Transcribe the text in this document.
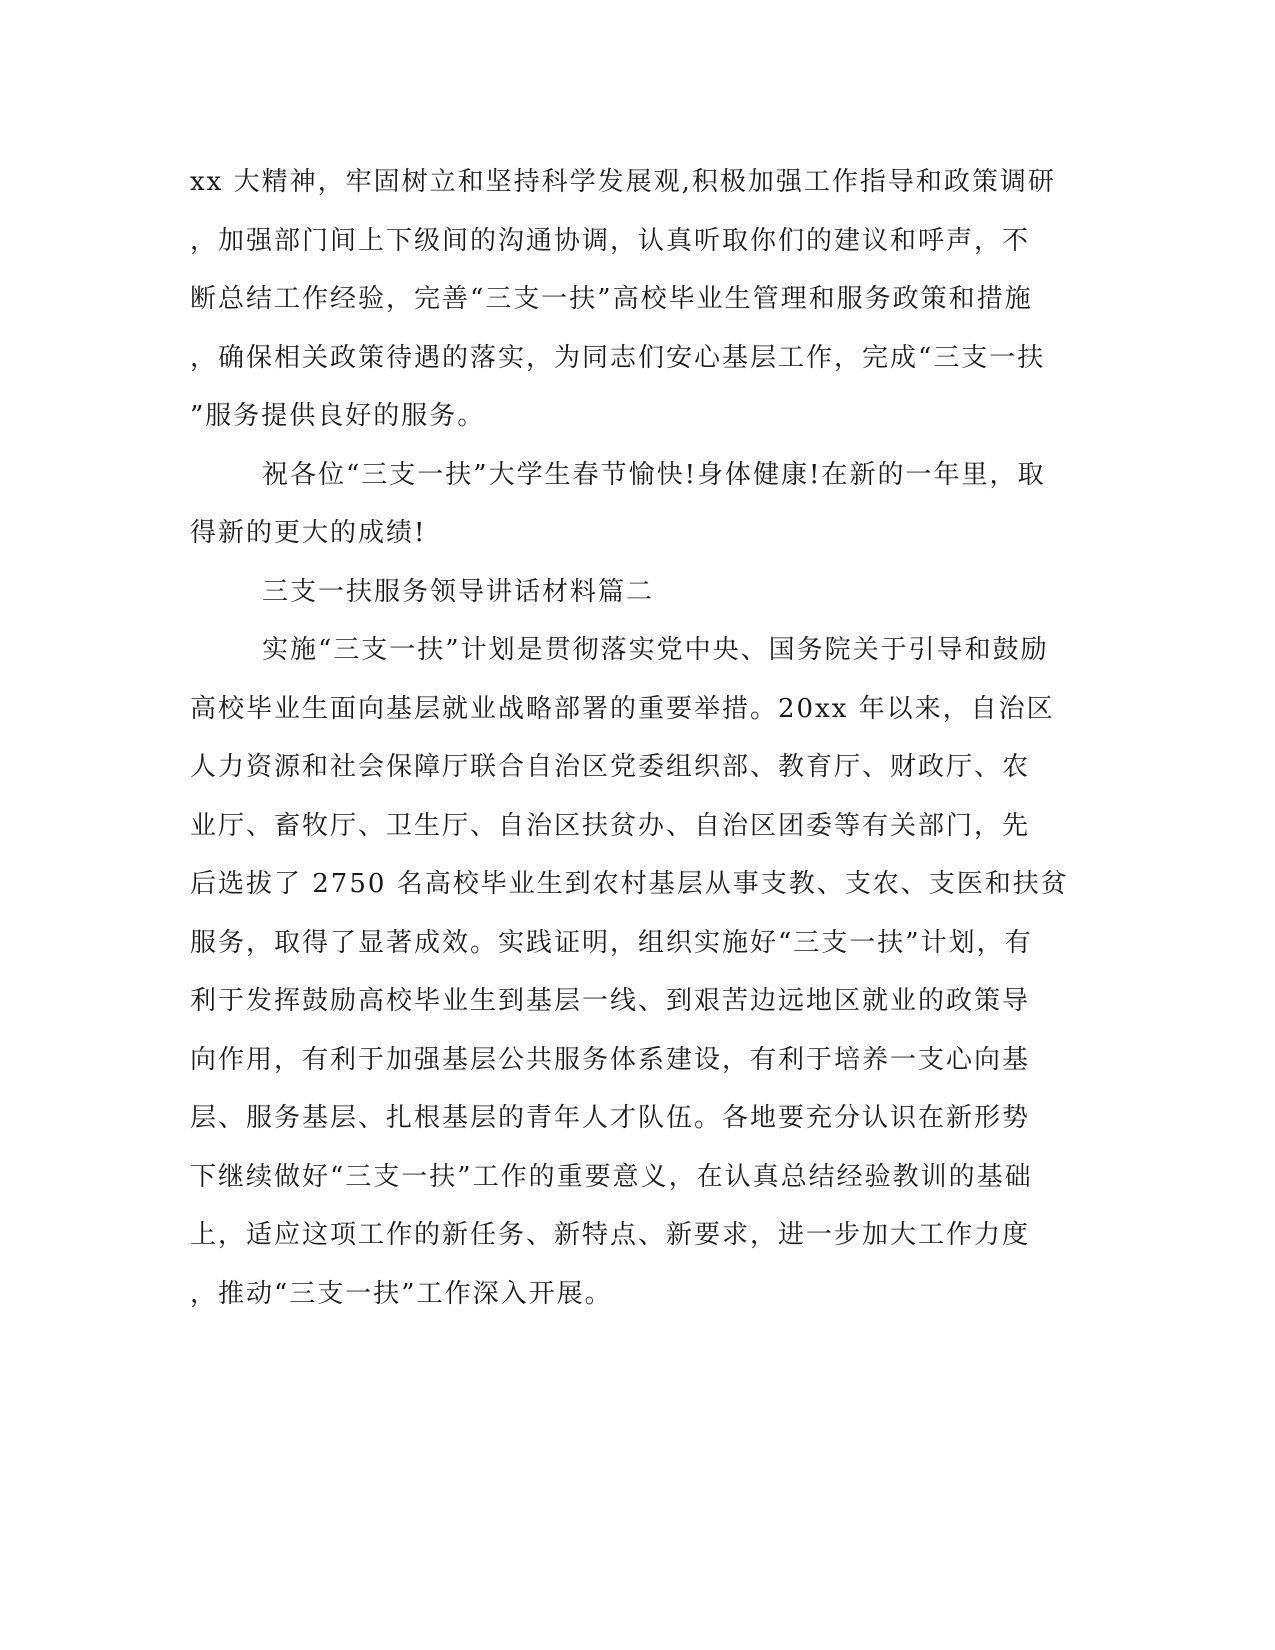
xx 大精神，牢固树立和坚持科学发展观,积极加强工作指导和政策调研
，加强部门间上下级间的沟通协调，认真听取你们的建议和呼声，不
断总结工作经验，完善“三支一扶”高校毕业生管理和服务政策和措施
，确保相关政策待遇的落实，为同志们安心基层工作，完成“三支一扶
”服务提供良好的服务。
祝各位“三支一扶”大学生春节愉快!身体健康!在新的一年里，取
得新的更大的成绩!
三支一扶服务领导讲话材料篇二
实施“三支一扶”计划是贯彻落实党中央、国务院关于引导和鼓励
高校毕业生面向基层就业战略部署的重要举措。20xx 年以来，自治区
人力资源和社会保障厅联合自治区党委组织部、教育厅、财政厅、农
业厅、畜牧厅、卫生厅、自治区扶贫办、自治区团委等有关部门，先
后选拔了 2750 名高校毕业生到农村基层从事支教、支农、支医和扶贫
服务，取得了显著成效。实践证明，组织实施好“三支一扶”计划，有
利于发挥鼓励高校毕业生到基层一线、到艰苦边远地区就业的政策导
向作用，有利于加强基层公共服务体系建设，有利于培养一支心向基
层、服务基层、扎根基层的青年人才队伍。各地要充分认识在新形势
下继续做好“三支一扶”工作的重要意义，在认真总结经验教训的基础
上，适应这项工作的新任务、新特点、新要求，进一步加大工作力度
，推动“三支一扶”工作深入开展。
